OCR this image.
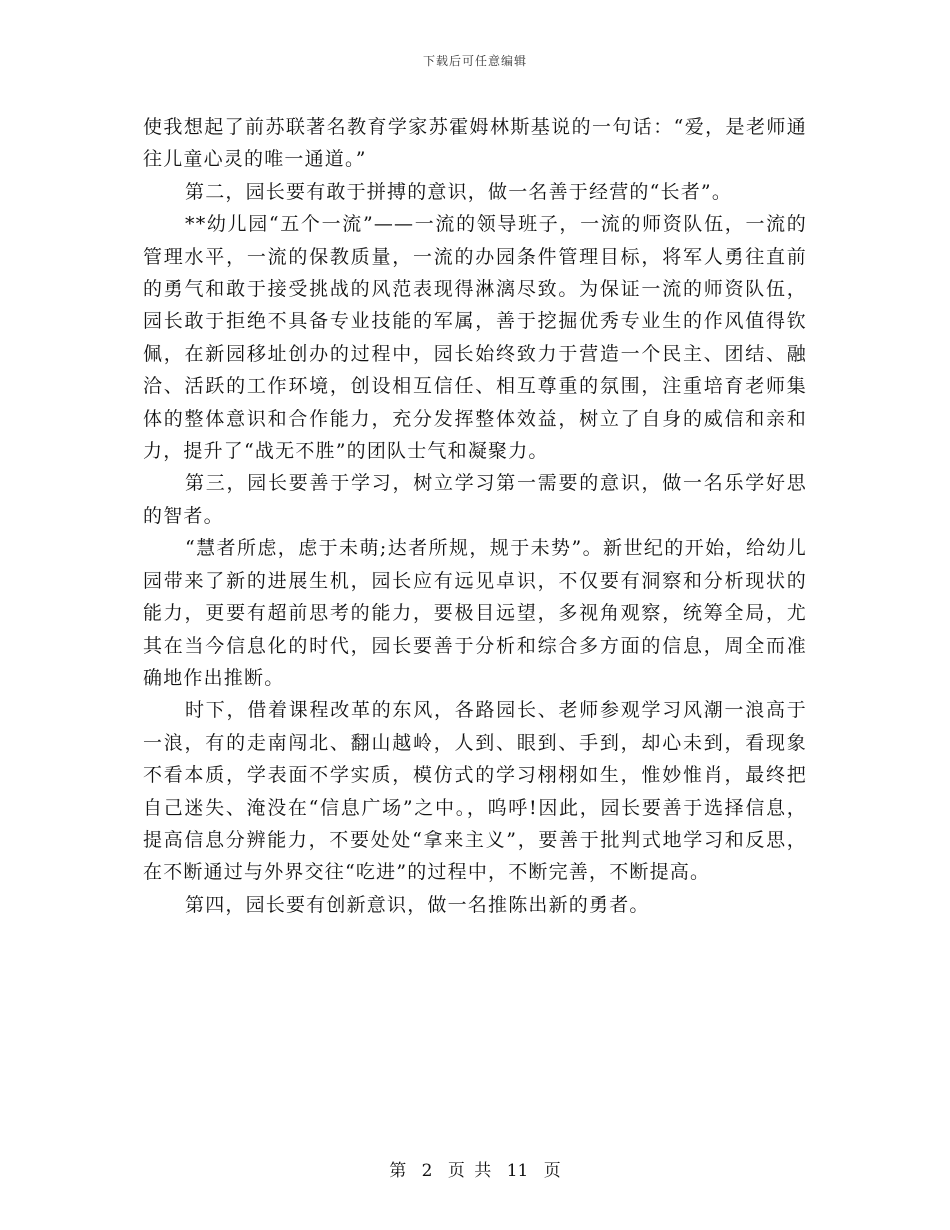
下载后可任意编辑

使我想起了前苏联著名教育学家苏霍姆林斯基说的一句话：“爱，是老师通往儿童心灵的唯一通道。”

第二，园长要有敢于拼搏的意识，做一名善于经营的“长者”。

**幼儿园“五个一流”——一流的领导班子，一流的师资队伍，一流的管理水平，一流的保教质量，一流的办园条件管理目标，将军人勇往直前的勇气和敢于接受挑战的风范表现得淋漓尽致。为保证一流的师资队伍，园长敢于拒绝不具备专业技能的军属，善于挖掘优秀专业生的作风值得钦佩，在新园移址创办的过程中，园长始终致力于营造一个民主、团结、融洽、活跃的工作环境，创设相互信任、相互尊重的氛围，注重培育老师集体的整体意识和合作能力，充分发挥整体效益，树立了自身的威信和亲和力，提升了“战无不胜”的团队士气和凝聚力。

第三，园长要善于学习，树立学习第一需要的意识，做一名乐学好思的智者。

“慧者所虑，虑于未萌;达者所规，规于未势”。新世纪的开始，给幼儿园带来了新的进展生机，园长应有远见卓识，不仅要有洞察和分析现状的能力，更要有超前思考的能力，要极目远望，多视角观察，统筹全局，尤其在当今信息化的时代，园长要善于分析和综合多方面的信息，周全而准确地作出推断。

时下，借着课程改革的东风，各路园长、老师参观学习风潮一浪高于一浪，有的走南闯北、翻山越岭，人到、眼到、手到，却心未到，看现象不看本质，学表面不学实质，模仿式的学习栩栩如生，惟妙惟肖，最终把自己迷失、淹没在“信息广场”之中。，呜呼!因此，园长要善于选择信息，提高信息分辨能力，不要处处“拿来主义”，要善于批判式地学习和反思，在不断通过与外界交往“吃进”的过程中，不断完善，不断提高。

第四，园长要有创新意识，做一名推陈出新的勇者。

第 2 页 共 11 页
